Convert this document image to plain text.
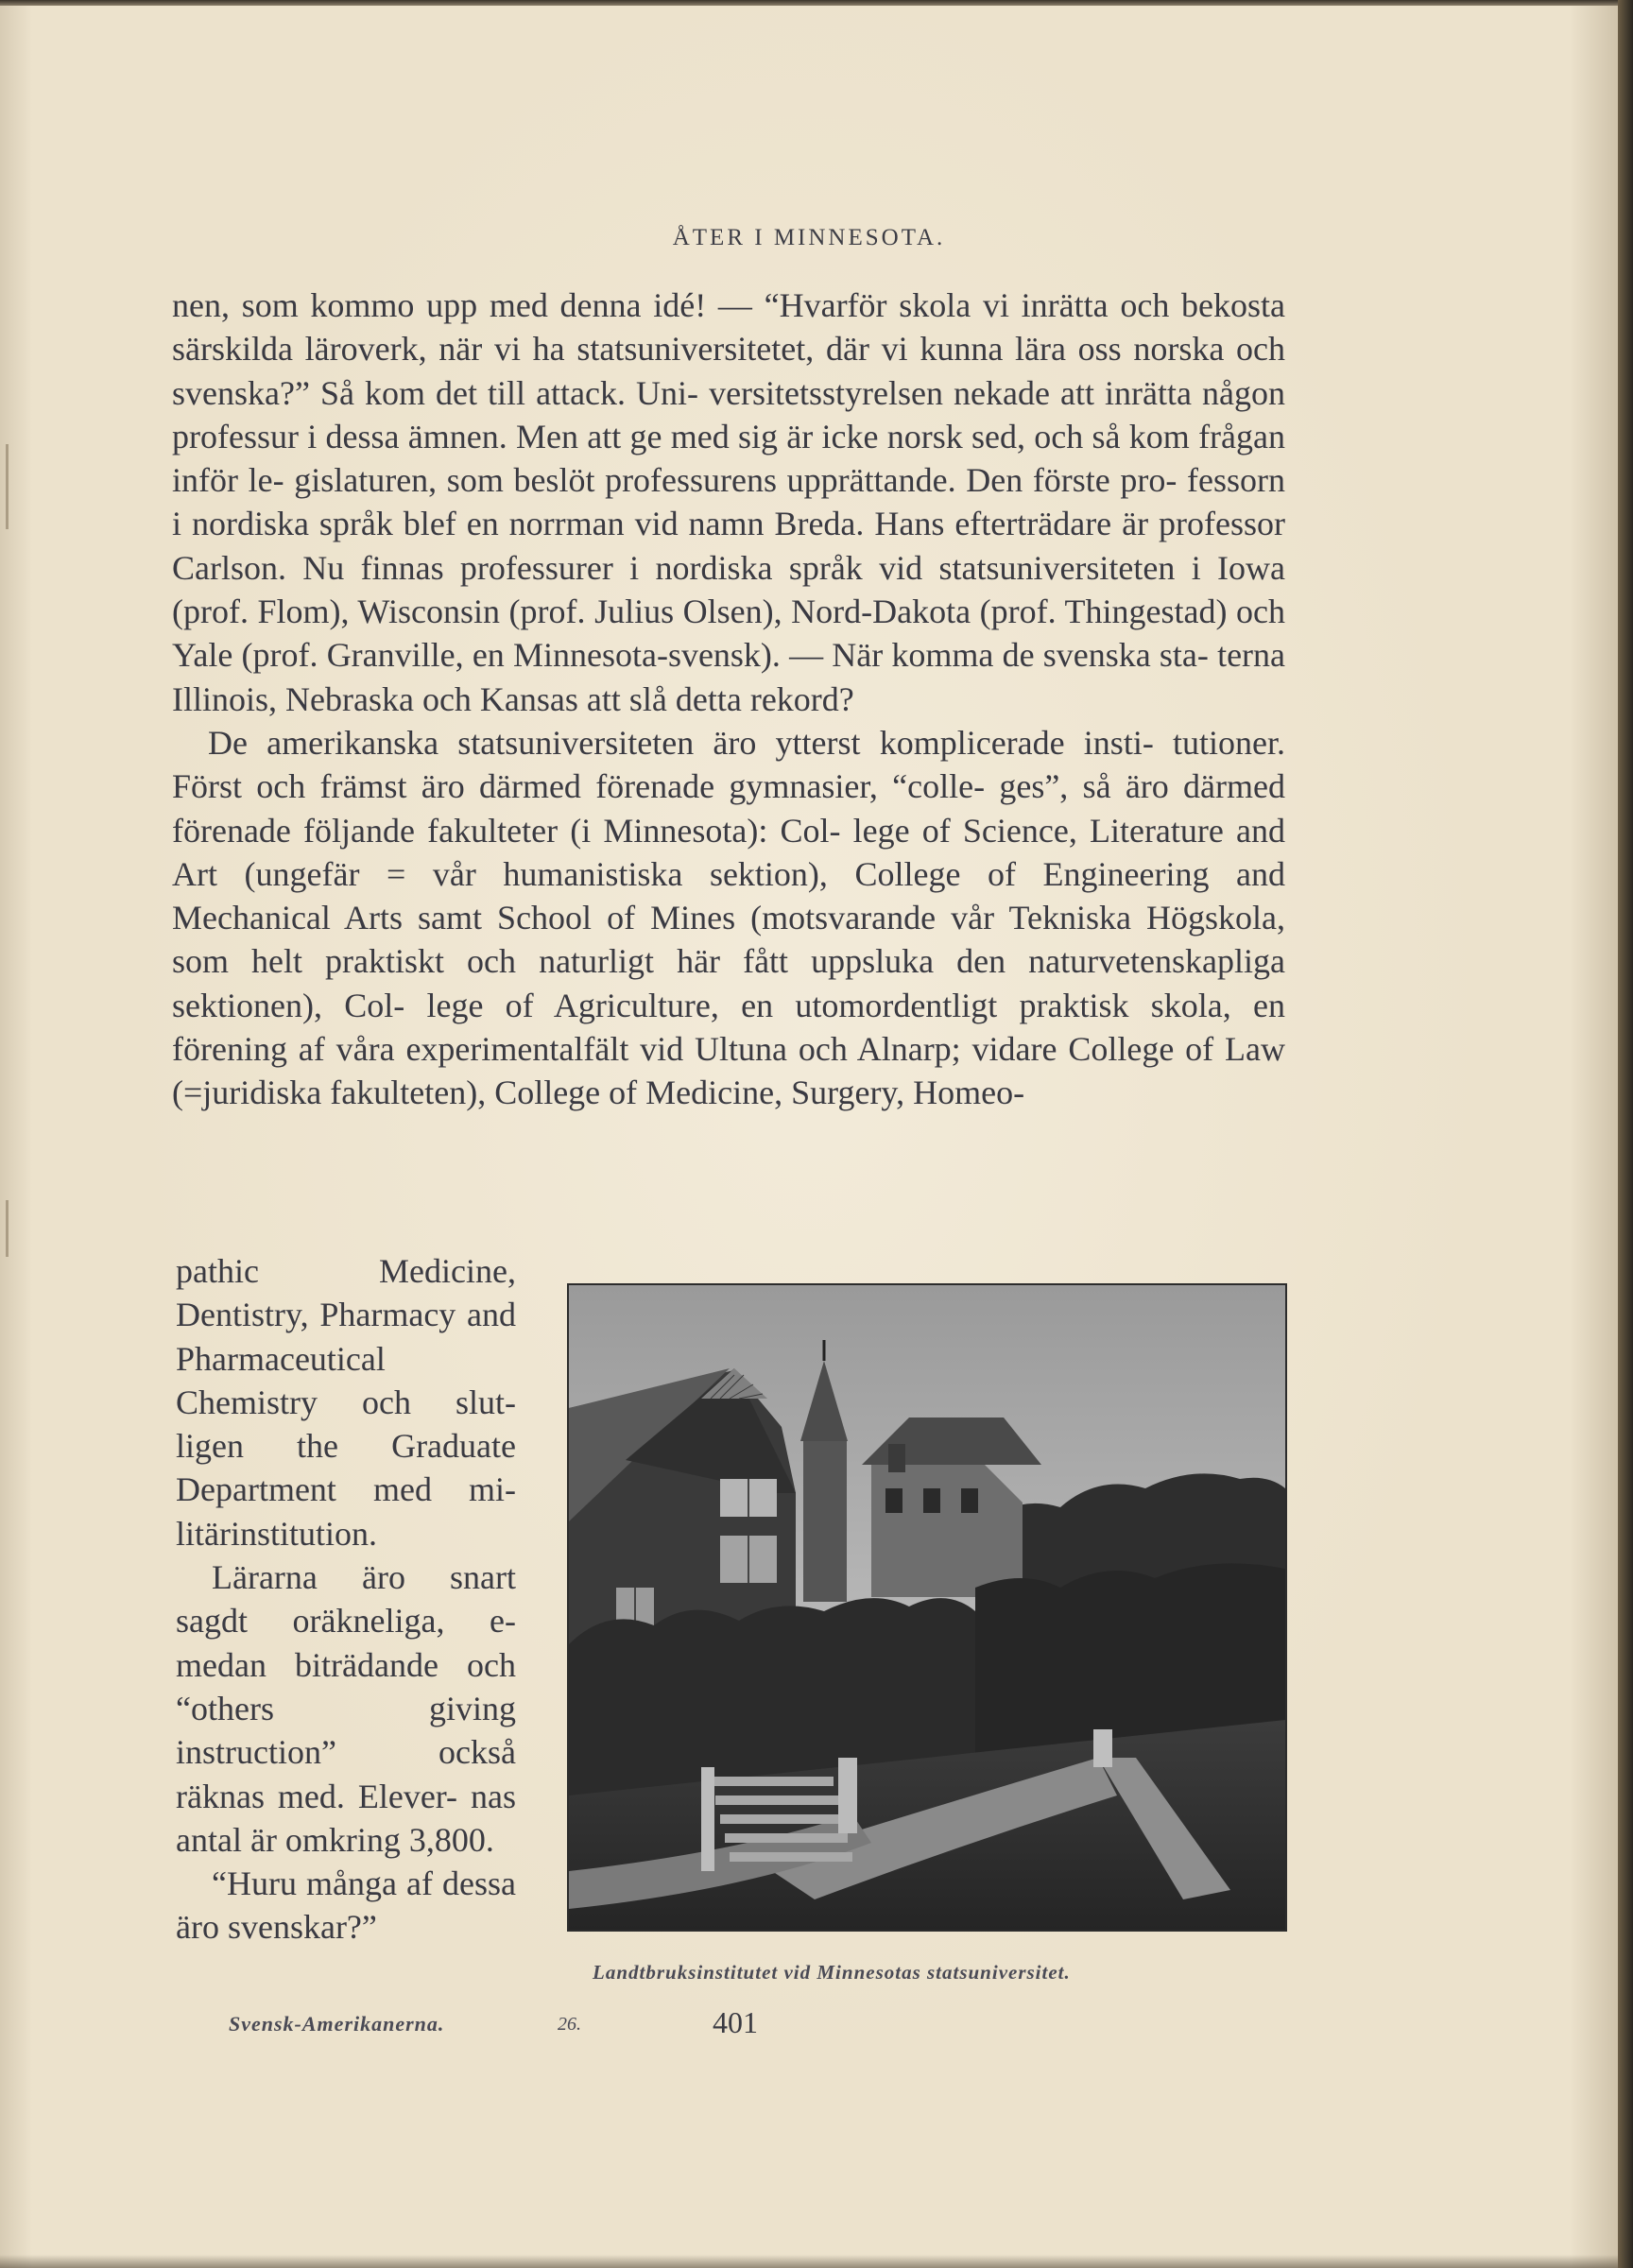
ÅTER I MINNESOTA.

nen, som kommo upp med denna idé! — “Hvarför skola vi inrätta och bekosta särskilda läroverk, när vi ha statsuniversitetet, där vi kunna lära oss norska och svenska?” Så kom det till attack. Uni- versitetsstyrelsen nekade att inrätta någon professur i dessa ämnen. Men att ge med sig är icke norsk sed, och så kom frågan inför le- gislaturen, som beslöt professurens upprättande. Den förste pro- fessorn i nordiska språk blef en norrman vid namn Breda. Hans efterträdare är professor Carlson. Nu finnas professurer i nordiska språk vid statsuniversiteten i Iowa (prof. Flom), Wisconsin (prof. Julius Olsen), Nord-Dakota (prof. Thingestad) och Yale (prof. Granville, en Minnesota-svensk). — När komma de svenska sta- terna Illinois, Nebraska och Kansas att slå detta rekord?

De amerikanska statsuniversiteten äro ytterst komplicerade insti- tutioner. Först och främst äro därmed förenade gymnasier, “colle- ges”, så äro därmed förenade följande fakulteter (i Minnesota): Col- lege of Science, Literature and Art (ungefär = vår humanistiska sektion), College of Engineering and Mechanical Arts samt School of Mines (motsvarande vår Tekniska Högskola, som helt praktiskt och naturligt här fått uppsluka den naturvetenskapliga sektionen), Col- lege of Agriculture, en utomordentligt praktisk skola, en förening af våra experimentalfält vid Ultuna och Alnarp; vidare College of Law (=juridiska fakulteten), College of Medicine, Surgery, Homeo-

pathic Medicine, Dentistry, Pharmacy and Pharmaceutical Chemistry och slut- ligen the Graduate Department med mi- litärinstitution.

Lärarna äro snart sagdt oräkneliga, e- medan biträdande och “others giving instruction” också räknas med. Elever- nas antal är omkring 3,800.

“Huru många af dessa äro svenskar?”

Landtbruksinstitutet vid Minnesotas statsuniversitet.
Svensk-Amerikanerna.	26.	401
